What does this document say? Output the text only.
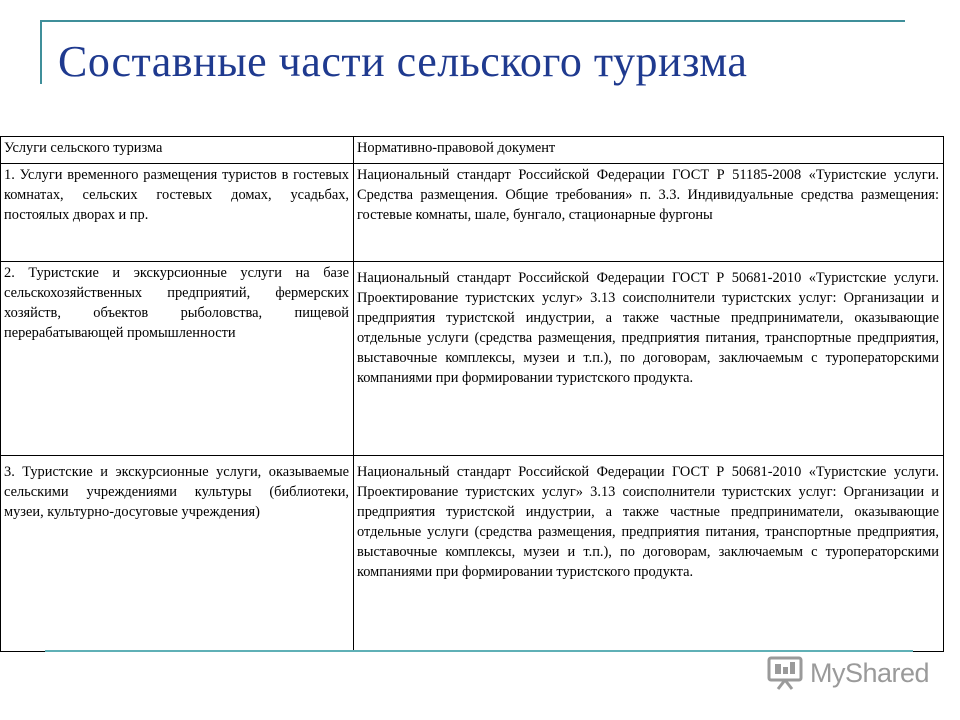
Составные части сельского туризма
Услуги сельского туризма	Нормативно-правовой документ
1. Услуги временного размещения туристов в гостевых комнатах, сельских гостевых домах, усадьбах, постоялых дворах и пр.	Национальный стандарт Российской Федерации ГОСТ Р 51185-2008 «Туристские услуги. Средства размещения. Общие требования» п. 3.3. Индивидуальные средства размещения: гостевые комнаты, шале, бунгало, стационарные фургоны
2. Туристские и экскурсионные услуги на базе сельскохозяйственных предприятий, фермерских хозяйств, объектов рыболовства, пищевой перерабатывающей промышленности	Национальный стандарт Российской Федерации ГОСТ Р 50681-2010 «Туристские услуги. Проектирование туристских услуг» 3.13 соисполнители туристских услуг: Организации и предприятия туристской индустрии, а также частные предприниматели, оказывающие отдельные услуги (средства размещения, предприятия питания, транспортные предприятия, выставочные комплексы, музеи и т.п.), по договорам, заключаемым с туроператорскими компаниями при формировании туристского продукта.
3. Туристские и экскурсионные услуги, оказываемые сельскими учреждениями культуры (библиотеки, музеи, культурно-досуговые учреждения)	Национальный стандарт Российской Федерации ГОСТ Р 50681-2010 «Туристские услуги. Проектирование туристских услуг» 3.13 соисполнители туристских услуг: Организации и предприятия туристской индустрии, а также частные предприниматели, оказывающие отдельные услуги (средства размещения, предприятия питания, транспортные предприятия, выставочные комплексы, музеи и т.п.), по договорам, заключаемым с туроператорскими компаниями при формировании туристского продукта.
MyShared
